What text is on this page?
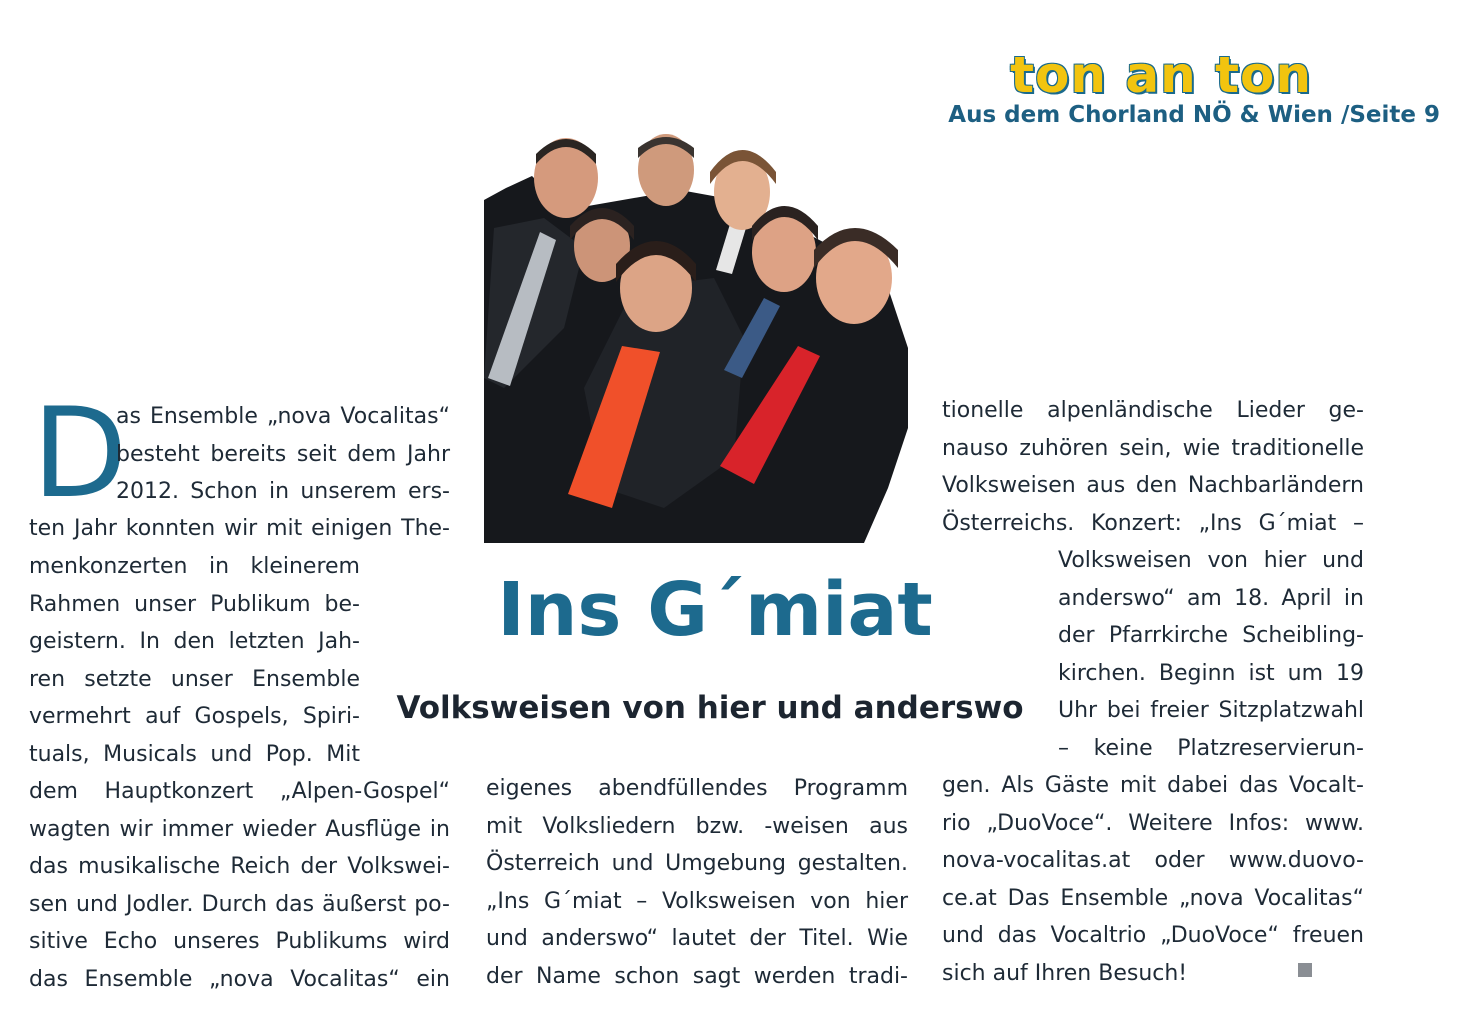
ton an ton
Aus dem Chorland NÖ & Wien /Seite 9
D
as Ensemble „nova Vocalitas“
besteht bereits seit dem Jahr
2012. Schon in unserem ers-
ten Jahr konnten wir mit einigen The-
menkonzerten in kleinerem
Rahmen unser Publikum be-
geistern. In den letzten Jah-
ren setzte unser Ensemble
vermehrt auf Gospels, Spiri-
tuals, Musicals und Pop. Mit
dem Hauptkonzert „Alpen-Gospel“
wagten wir immer wieder Ausflüge in
das musikalische Reich der Volkswei-
sen und Jodler. Durch das äußerst po-
sitive Echo unseres Publikums wird
das Ensemble „nova Vocalitas“ ein
Ins G´miat
Volksweisen von hier und anderswo
eigenes abendfüllendes Programm
mit Volksliedern bzw. -weisen aus
Österreich und Umgebung gestalten.
„Ins G´miat – Volksweisen von hier
und anderswo“ lautet der Titel. Wie
der Name schon sagt werden tradi-
tionelle alpenländische Lieder ge-
nauso zuhören sein, wie traditionelle
Volksweisen aus den Nachbarländern
Österreichs. Konzert: „Ins G´miat –
Volksweisen von hier und
anderswo“ am 18. April in
der Pfarrkirche Scheibling-
kirchen. Beginn ist um 19
Uhr bei freier Sitzplatzwahl
– keine Platzreservierun-
gen. Als Gäste mit dabei das Vocalt-
rio „DuoVoce“. Weitere Infos: www.
nova-vocalitas.at oder www.duovo-
ce.at Das Ensemble „nova Vocalitas“
und das Vocaltrio „DuoVoce“ freuen
sich auf Ihren Besuch!
